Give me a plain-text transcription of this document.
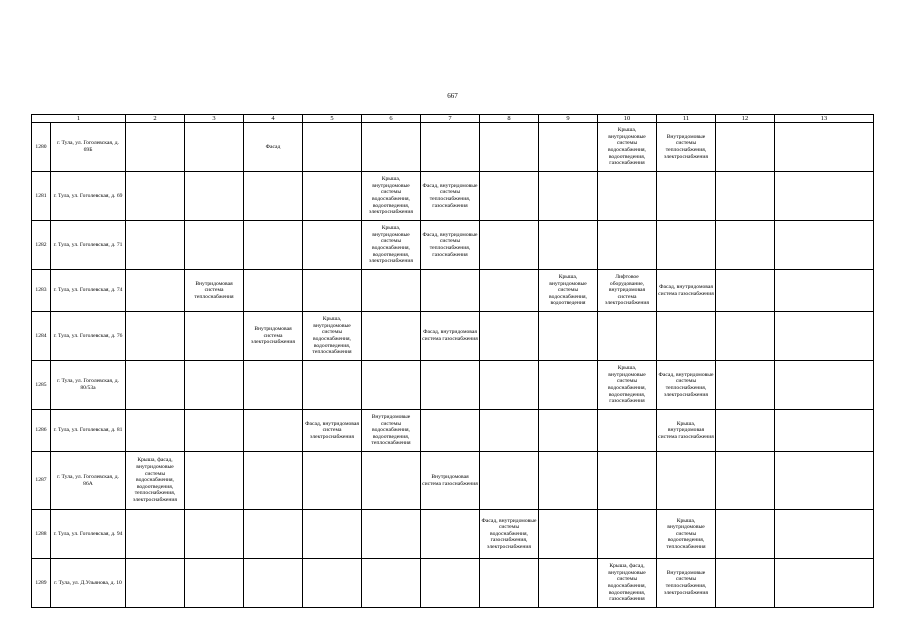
667
1		2	3	4	5	6	7	8	9	10	11	12	13
1280	г. Тула, ул. Гоголевская, д. 69Б			Фасад						Крыша, внутридомовые системы водоснабжения, водоотведения, газоснабжения	Внутридомовые системы теплоснабжения, электроснабжения		
1281	г. Тула, ул. Гоголевская, д. 69					Крыша, внутридомовые системы водоснабжения, водоотведения, электроснабжения	Фасад, внутридомовые системы теплоснабжения, газоснабжения						
1282	г. Тула, ул. Гоголевская, д. 71					Крыша, внутридомовые системы водоснабжения, водоотведения, электроснабжения	Фасад, внутридомовые системы теплоснабжения, газоснабжения						
1283	г. Тула, ул. Гоголевская, д. 74		Внутридомовая система теплоснабжения						Крыша, внутридомовые системы водоснабжения, водоотведения	Лифтовое оборудование, внутридомовая система электроснабжения	Фасад, внутридомовая система газоснабжения		
1284	г. Тула, ул. Гоголевская, д. 76			Внутридомовая система электроснабжения	Крыша, внутридомовые системы водоснабжения, водоотведения, теплоснабжения		Фасад, внутридомовая система газоснабжения						
1285	г. Тула, ул. Гоголевская, д. 80/53а									Крыша, внутридомовые системы водоснабжения, водоотведения, газоснабжения	Фасад, внутридомовые системы теплоснабжения, электроснабжения		
1286	г. Тула, ул. Гоголевская, д. 81				Фасад, внутридомовая система электроснабжения	Внутридомовые системы водоснабжения, водоотведения, теплоснабжения					Крыша, внутридомовая система газоснабжения		
1287	г. Тула, ул. Гоголевская, д. 86А	Крыша, фасад, внутридомовые системы водоснабжения, водоотведения, теплоснабжения, электроснабжения					Внутридомовая система газоснабжения						
1288	г. Тула, ул. Гоголевская, д. 94							Фасад, внутридомовые системы водоснабжения, газоснабжения, электроснабжения			Крыша, внутридомовые системы водоотведения, теплоснабжения		
1289	г. Тула, ул. Д.Ульянова, д. 10									Крыша, фасад, внутридомовые системы водоснабжения, водоотведения, газоснабжения	Внутридомовые системы теплоснабжения, электроснабжения		
